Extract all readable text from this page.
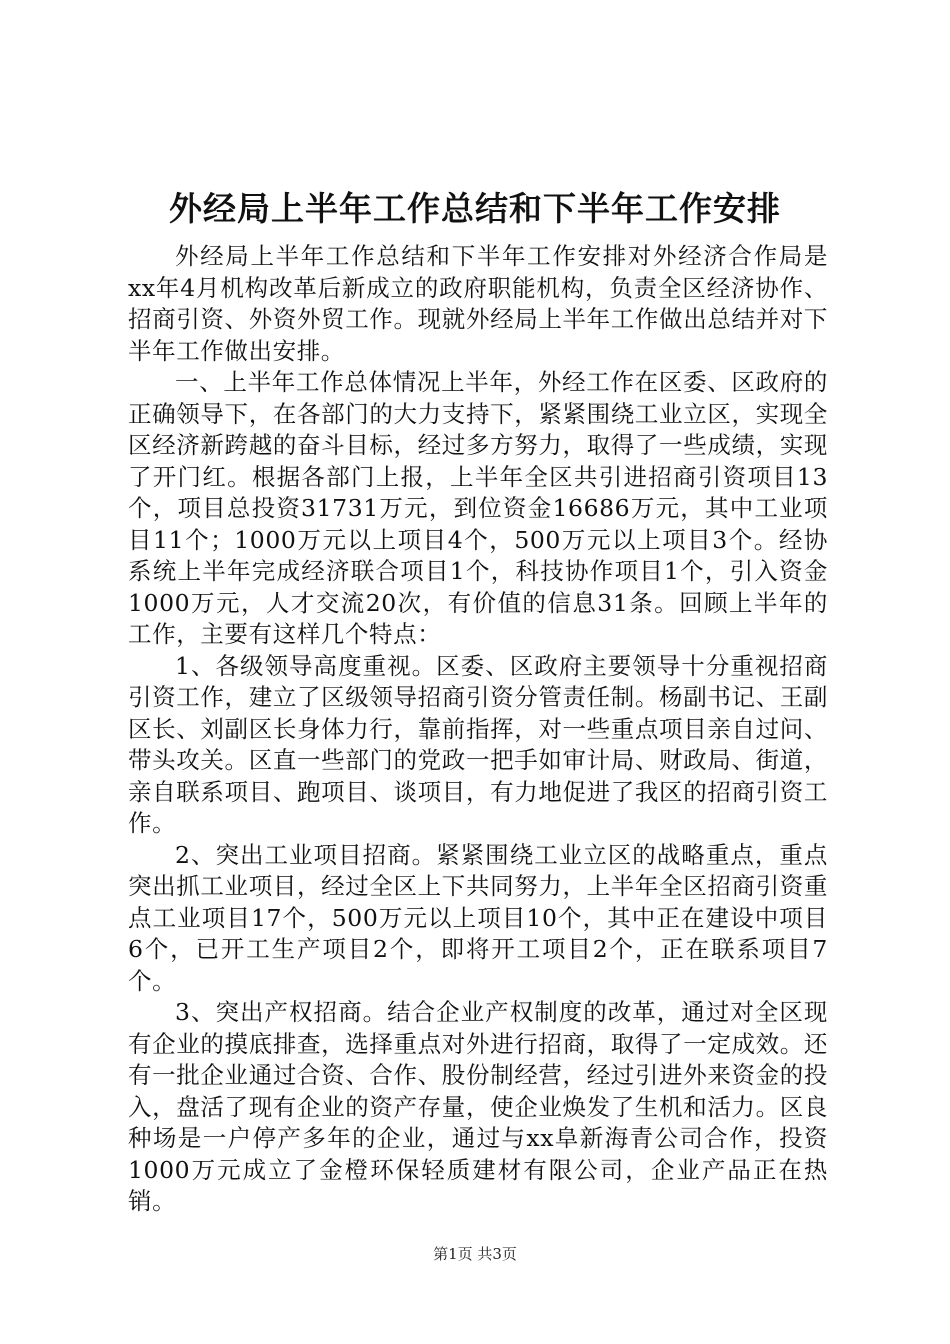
外经局上半年工作总结和下半年工作安排

外经局上半年工作总结和下半年工作安排对外经济合作局是xx年4月机构改革后新成立的政府职能机构，负责全区经济协作、招商引资、外资外贸工作。现就外经局上半年工作做出总结并对下半年工作做出安排。

一、上半年工作总体情况上半年，外经工作在区委、区政府的正确领导下，在各部门的大力支持下，紧紧围绕工业立区，实现全区经济新跨越的奋斗目标，经过多方努力，取得了一些成绩，实现了开门红。根据各部门上报，上半年全区共引进招商引资项目13个，项目总投资31731万元，到位资金16686万元，其中工业项目11个；1000万元以上项目4个，500万元以上项目3个。经协系统上半年完成经济联合项目1个，科技协作项目1个，引入资金1000万元，人才交流20次，有价值的信息31条。回顾上半年的工作，主要有这样几个特点：

1、各级领导高度重视。区委、区政府主要领导十分重视招商引资工作，建立了区级领导招商引资分管责任制。杨副书记、王副区长、刘副区长身体力行，靠前指挥，对一些重点项目亲自过问、带头攻关。区直一些部门的党政一把手如审计局、财政局、街道，亲自联系项目、跑项目、谈项目，有力地促进了我区的招商引资工作。

2、突出工业项目招商。紧紧围绕工业立区的战略重点，重点突出抓工业项目，经过全区上下共同努力，上半年全区招商引资重点工业项目17个，500万元以上项目10个，其中正在建设中项目6个，已开工生产项目2个，即将开工项目2个，正在联系项目7个。

3、突出产权招商。结合企业产权制度的改革，通过对全区现有企业的摸底排查，选择重点对外进行招商，取得了一定成效。还有一批企业通过合资、合作、股份制经营，经过引进外来资金的投入，盘活了现有企业的资产存量，使企业焕发了生机和活力。区良种场是一户停产多年的企业，通过与xx阜新海青公司合作，投资1000万元成立了金橙环保轻质建材有限公司，企业产品正在热销。

第1页 共3页
